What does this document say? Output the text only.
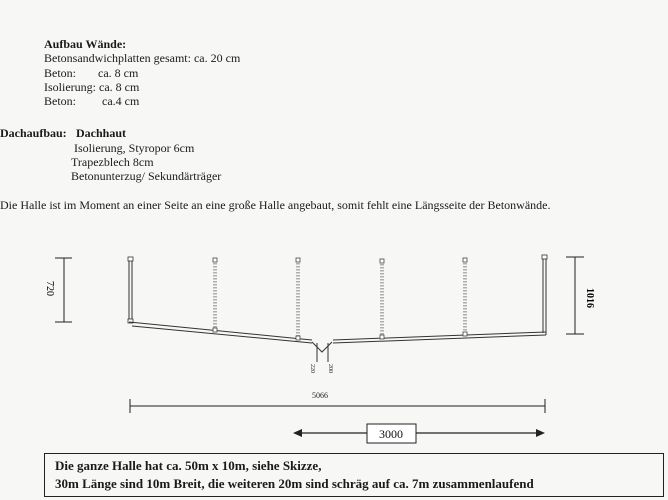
Aufbau Wände:
Betonsandwichplatten gesamt: ca. 20 cm
Beton: ca. 8 cm
Isolierung: ca. 8 cm
Beton: ca.4 cm
Dachaufbau: Dachhaut
Isolierung, Styropor 6cm
Trapezblech 8cm
Betonunterzug/ Sekundärträger
Die Halle ist im Moment an einer Seite an eine große Halle angebaut, somit fehlt eine Längsseite der Betonwände.
720	1016
220 200
5066
3000
Die ganze Halle hat ca. 50m x 10m, siehe Skizze,
30m Länge sind 10m Breit, die weiteren 20m sind schräg auf ca. 7m zusammenlaufend
